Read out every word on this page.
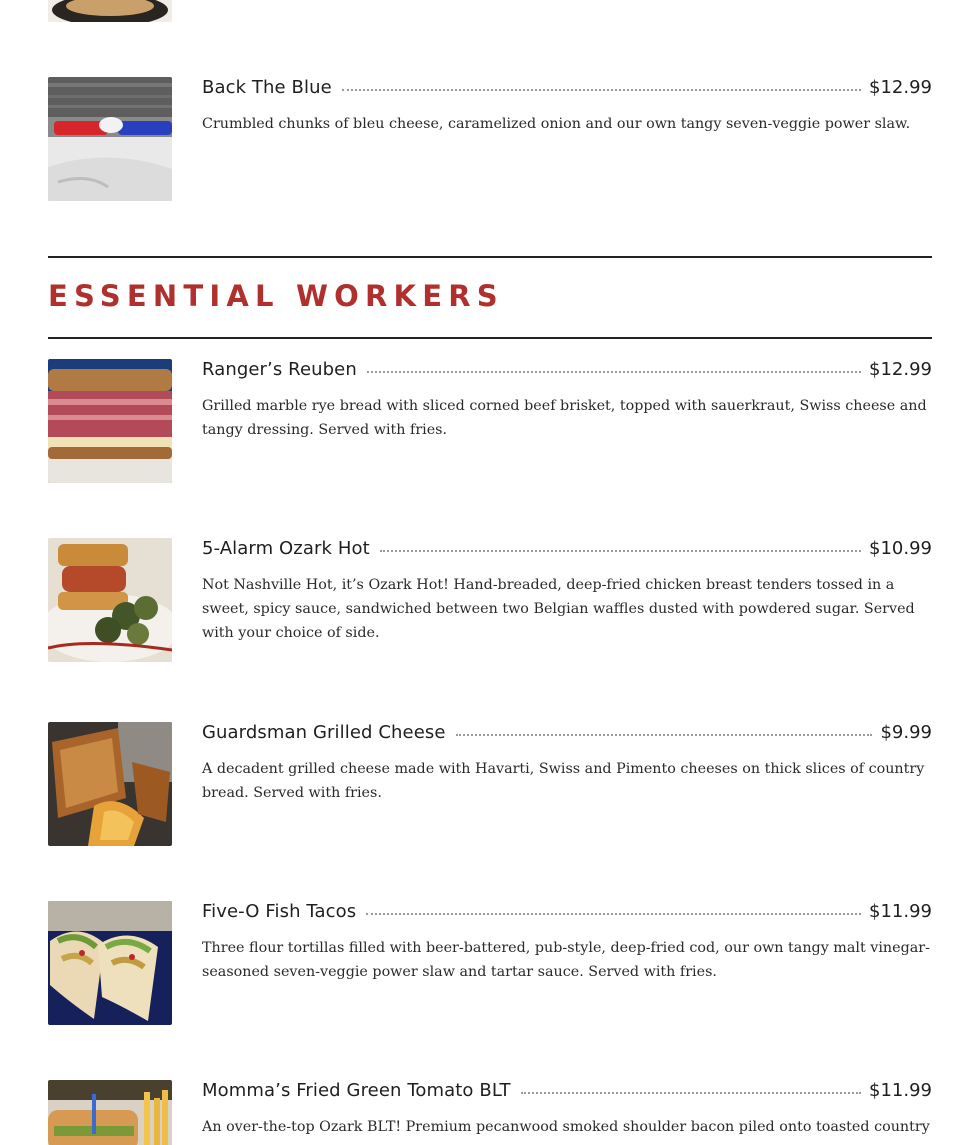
Back The Blue	$12.99
Crumbled chunks of bleu cheese, caramelized onion and our own tangy seven-veggie power slaw.
ESSENTIAL WORKERS
Ranger’s Reuben	$12.99
Grilled marble rye bread with sliced corned beef brisket, topped with sauerkraut, Swiss cheese and tangy dressing. Served with fries.
5-Alarm Ozark Hot	$10.99
Not Nashville Hot, it’s Ozark Hot! Hand-breaded, deep-fried chicken breast tenders tossed in a sweet, spicy sauce, sandwiched between two Belgian waffles dusted with powdered sugar. Served with your choice of side.
Guardsman Grilled Cheese	$9.99
A decadent grilled cheese made with Havarti, Swiss and Pimento cheeses on thick slices of country bread. Served with fries.
Five-O Fish Tacos	$11.99
Three flour tortillas filled with beer-battered, pub-style, deep-fried cod, our own tangy malt vinegar-seasoned seven-veggie power slaw and tartar sauce. Served with fries.
Momma’s Fried Green Tomato BLT	$11.99
An over-the-top Ozark BLT! Premium pecanwood smoked shoulder bacon piled onto toasted country
